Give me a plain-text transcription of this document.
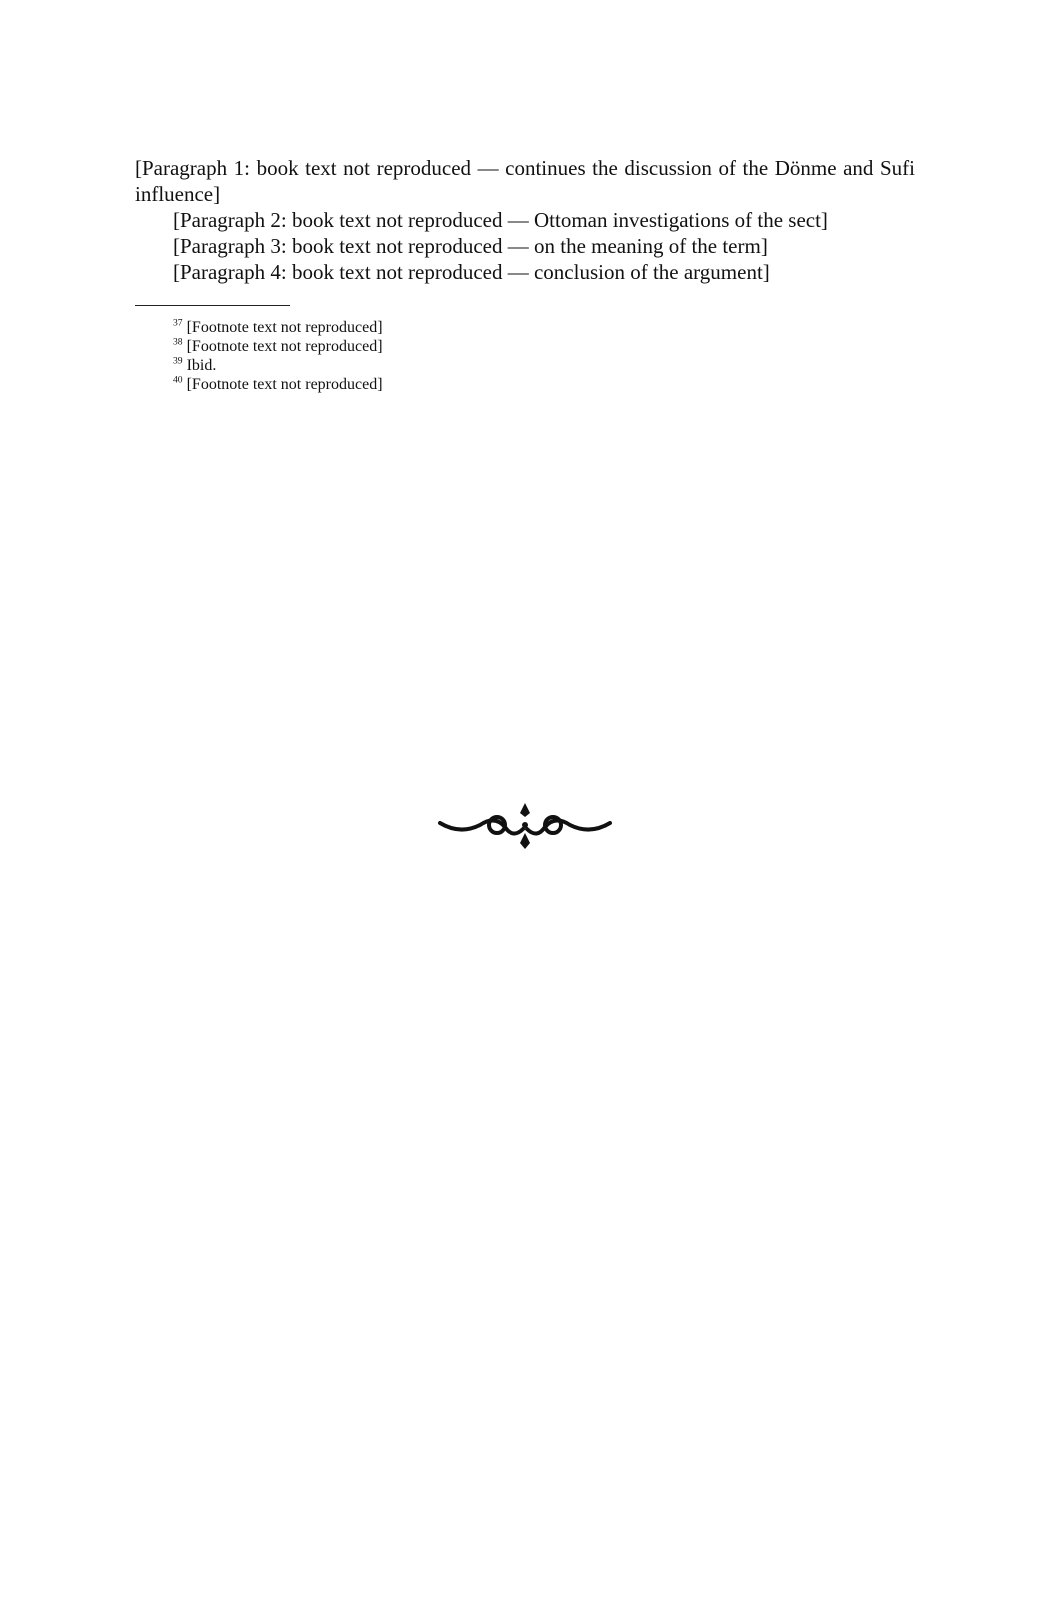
[Paragraph 1: book text not reproduced — continues the discussion of the Dönme and Sufi influence]

[Paragraph 2: book text not reproduced — Ottoman investigations of the sect]

[Paragraph 3: book text not reproduced — on the meaning of the term]

[Paragraph 4: book text not reproduced — conclusion of the argument]

$^{37}$ [Footnote text not reproduced]

$^{38}$ [Footnote text not reproduced]

$^{39}$ Ibid.

$^{40}$ [Footnote text not reproduced]
